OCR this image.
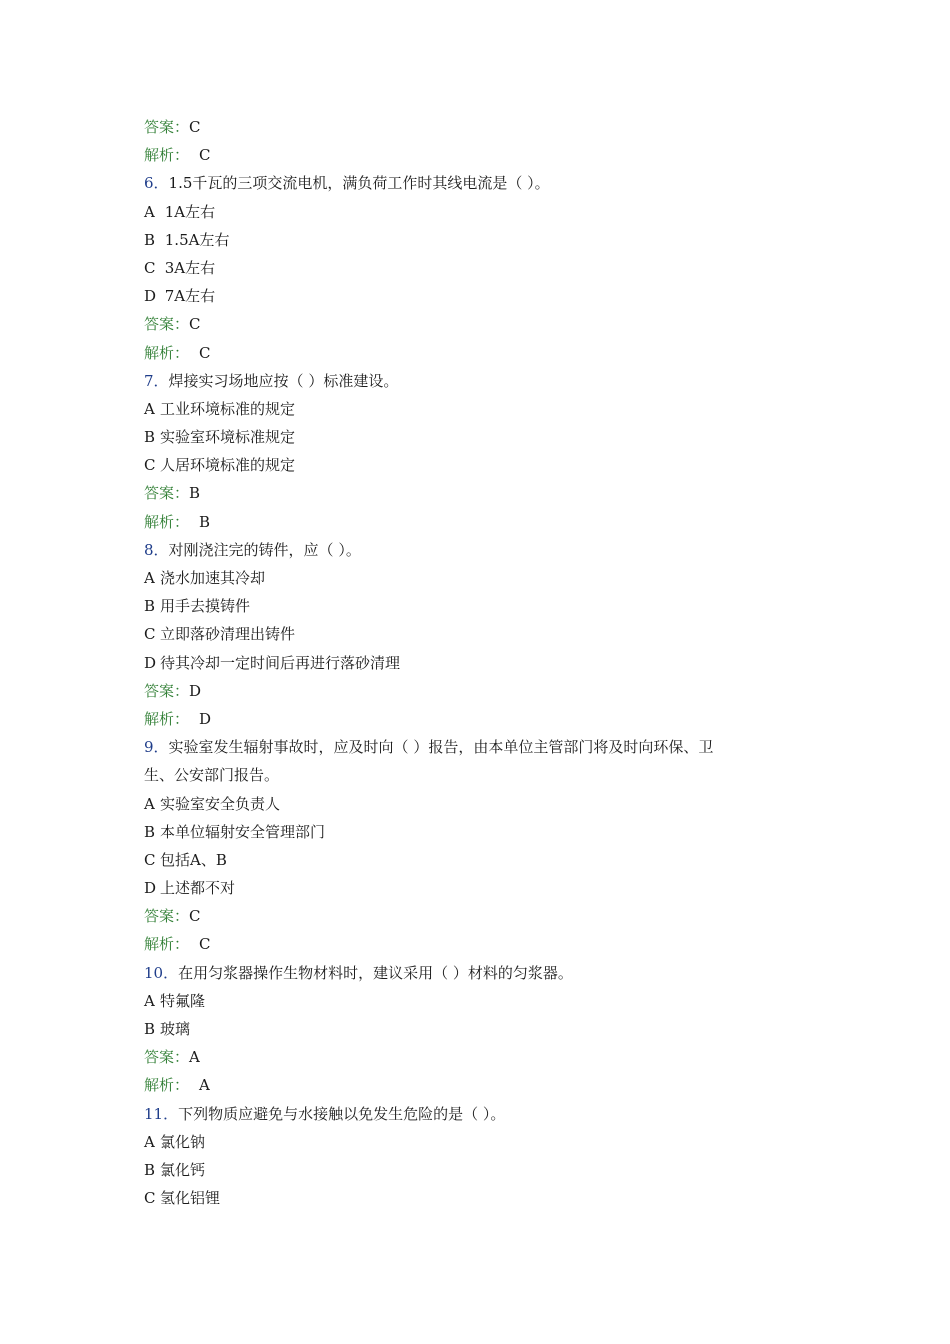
答案：C
解析： C
6．1.5千瓦的三项交流电机，满负荷工作时其线电流是（ ）。
A 1A左右
B 1.5A左右
C 3A左右
D 7A左右
答案：C
解析： C
7．焊接实习场地应按（ ）标准建设。
A 工业环境标准的规定
B 实验室环境标准规定
C 人居环境标准的规定
答案：B
解析： B
8．对刚浇注完的铸件，应（ ）。
A 浇水加速其冷却
B 用手去摸铸件
C 立即落砂清理出铸件
D 待其冷却一定时间后再进行落砂清理
答案：D
解析： D
9．实验室发生辐射事故时，应及时向（ ）报告，由本单位主管部门将及时向环保、卫
生、公安部门报告。
A 实验室安全负责人
B 本单位辐射安全管理部门
C 包括A、B
D 上述都不对
答案：C
解析： C
10．在用匀浆器操作生物材料时，建议采用（ ）材料的匀浆器。
A 特氟隆
B 玻璃
答案：A
解析： A
11．下列物质应避免与水接触以免发生危险的是（ ）。
A 氯化钠
B 氯化钙
C 氢化铝锂
